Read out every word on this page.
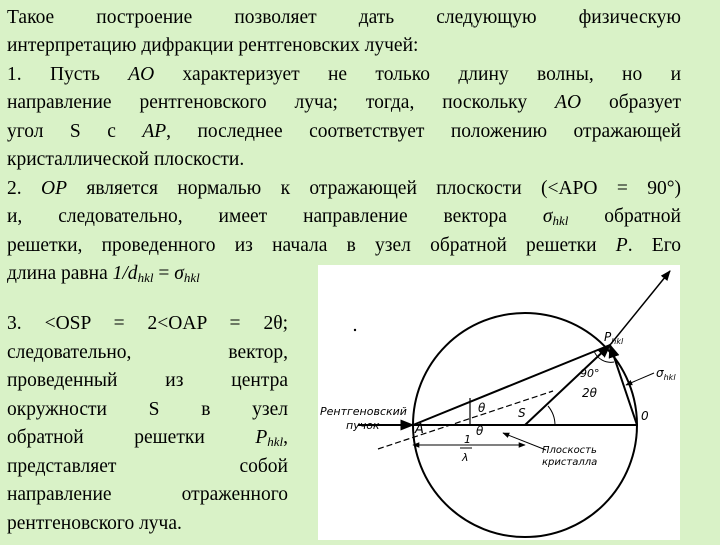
Такое построение позволяет дать следующую физическую

интерпретацию дифракции рентгеновских лучей:

1. Пусть AO характеризует не только длину волны, но и

направление рентгеновского луча; тогда, поскольку AO образует

угол S с AP, последнее соответствует положению отражающей

кристаллической плоскости.

2. OP является нормалью к отражающей плоскости (<APO = 90°)

и, следовательно, имеет направление вектора $\sigma_{hkl}$ обратной

решетки, проведенного из начала в узел обратной решетки P. Его

длина равна $1/d_{hkl} = \sigma_{hkl}$

3. <OSP = 2<OAP = 2θ;

следовательно, вектор,

проведенный из центра

окружности S в узел

обратной решетки $P_{hkl}$,

представляет собой

направление отраженного

рентгеновского луча.

Рентгеновский
пучок	A
S	0
$P_{hkl}$
θ
θ
90°
2θ
$\sigma_{hkl}$
1
λ
Плоскость
кристалла
